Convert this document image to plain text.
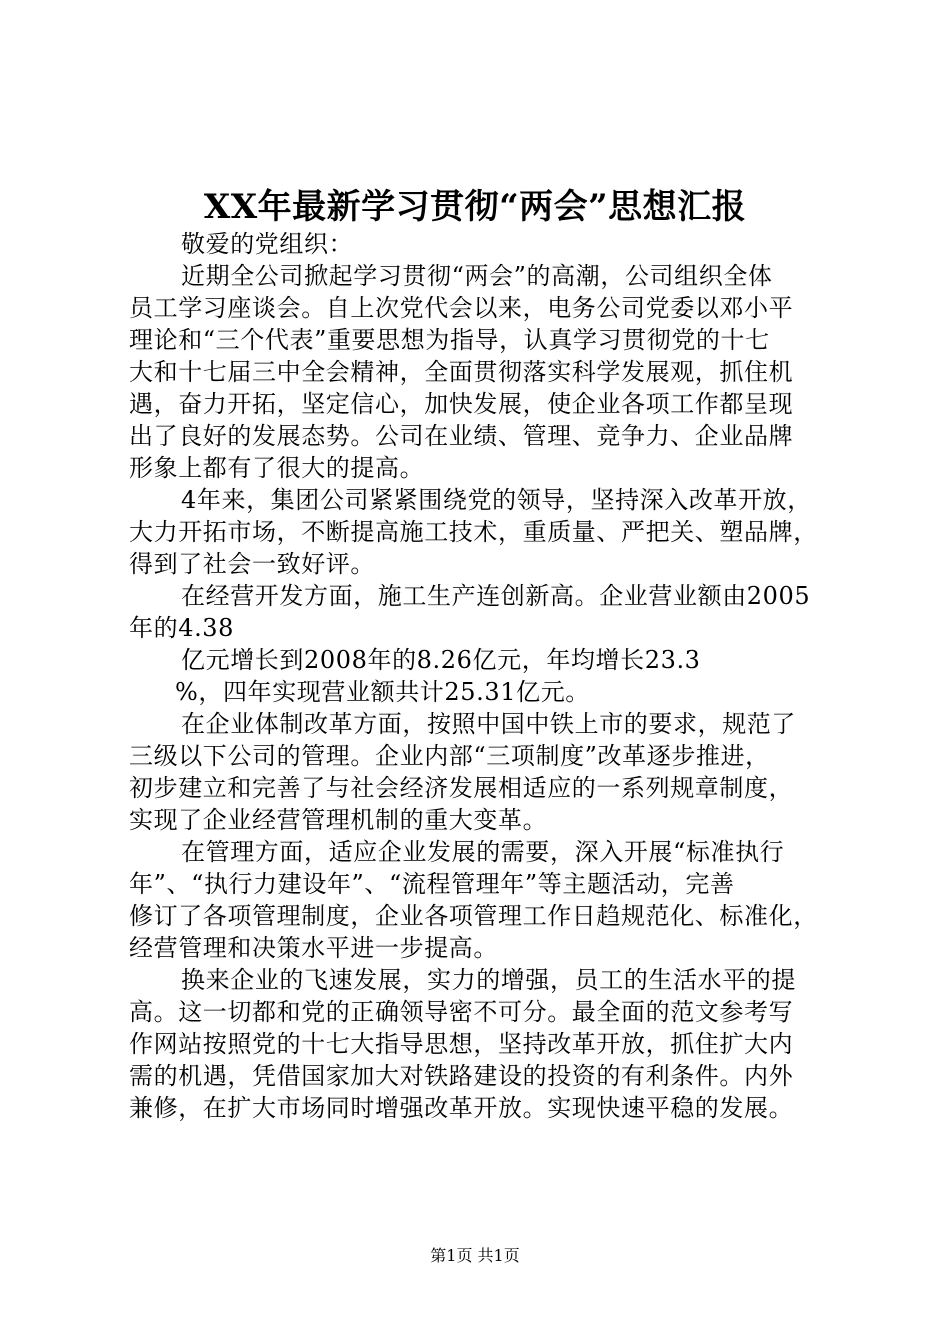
XX年最新学习贯彻“两会”思想汇报
敬爱的党组织：
近期全公司掀起学习贯彻“两会”的高潮，公司组织全体
员工学习座谈会。自上次党代会以来，电务公司党委以邓小平
理论和“三个代表”重要思想为指导，认真学习贯彻党的十七
大和十七届三中全会精神，全面贯彻落实科学发展观，抓住机
遇，奋力开拓，坚定信心，加快发展，使企业各项工作都呈现
出了良好的发展态势。公司在业绩、管理、竞争力、企业品牌
形象上都有了很大的提高。
4年来，集团公司紧紧围绕党的领导，坚持深入改革开放，
大力开拓市场，不断提高施工技术，重质量、严把关、塑品牌，
得到了社会一致好评。
在经营开发方面，施工生产连创新高。企业营业额由2005
年的4.38
亿元增长到2008年的8.26亿元，年均增长23.3
%，四年实现营业额共计25.31亿元。
在企业体制改革方面，按照中国中铁上市的要求，规范了
三级以下公司的管理。企业内部“三项制度”改革逐步推进，
初步建立和完善了与社会经济发展相适应的一系列规章制度，
实现了企业经营管理机制的重大变革。
在管理方面，适应企业发展的需要，深入开展“标准执行
年”、“执行力建设年”、“流程管理年”等主题活动，完善
修订了各项管理制度，企业各项管理工作日趋规范化、标准化，
经营管理和决策水平进一步提高。
换来企业的飞速发展，实力的增强，员工的生活水平的提
高。这一切都和党的正确领导密不可分。最全面的范文参考写
作网站按照党的十七大指导思想，坚持改革开放，抓住扩大内
需的机遇，凭借国家加大对铁路建设的投资的有利条件。内外
兼修，在扩大市场同时增强改革开放。实现快速平稳的发展。
第1页 共1页
